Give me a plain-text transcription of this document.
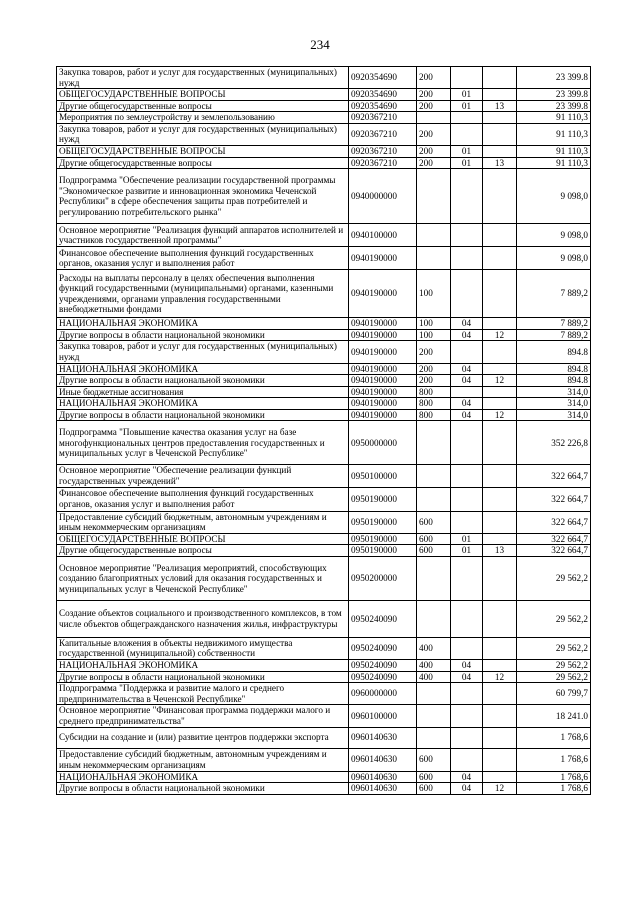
234
Закупка товаров, работ и услуг для государственных (муниципальных) нужд	0920354690	200			23 399.8
ОБЩЕГОСУДАРСТВЕННЫЕ ВОПРОСЫ	0920354690	200	01		23 399.8
Другие общегосударственные вопросы	0920354690	200	01	13	23 399.8
Мероприятия по землеустройству и землепользованию	0920367210				91 110,3
Закупка товаров, работ и услуг для государственных (муниципальных) нужд	0920367210	200			91 110,3
ОБЩЕГОСУДАРСТВЕННЫЕ ВОПРОСЫ	0920367210	200	01		91 110,3
Другие общегосударственные вопросы	0920367210	200	01	13	91 110,3
Подпрограмма "Обеспечение реализации государственной программы "Экономическое развитие и инновационная экономика Чеченской Республики" в сфере обеспечения защиты прав потребителей и регулированию потребительского рынка"	0940000000				9 098,0
Основное мероприятие "Реализация функций аппаратов исполнителей и участников государственной программы"	0940100000				9 098,0
Финансовое обеспечение выполнения функций государственных органов, оказания услуг и выполнения работ	0940190000				9 098,0
Расходы на выплаты персоналу в целях обеспечения выполнения функций государственными (муниципальными) органами, казенными учреждениями, органами управления государственными внебюджетными фондами	0940190000	100			7 889,2
НАЦИОНАЛЬНАЯ ЭКОНОМИКА	0940190000	100	04		7 889,2
Другие вопросы в области национальной экономики	0940190000	100	04	12	7 889,2
Закупка товаров, работ и услуг для государственных (муниципальных) нужд	0940190000	200			894.8
НАЦИОНАЛЬНАЯ ЭКОНОМИКА	0940190000	200	04		894.8
Другие вопросы в области национальной экономики	0940190000	200	04	12	894.8
Иные бюджетные ассигнования	0940190000	800			314,0
НАЦИОНАЛЬНАЯ ЭКОНОМИКА	0940190000	800	04		314,0
Другие вопросы в области национальной экономики	0940190000	800	04	12	314,0
Подпрограмма "Повышение качества оказания услуг на базе многофункциональных центров предоставления государственных и муниципальных услуг в Чеченской Республике"	0950000000				352 226,8
Основное мероприятие "Обеспечение реализации функций государственных учреждений"	0950100000				322 664,7
Финансовое обеспечение выполнения функций государственных органов, оказания услуг и выполнения работ	0950190000				322 664,7
Предоставление субсидий бюджетным, автономным учреждениям и иным некоммерческим организациям	0950190000	600			322 664,7
ОБЩЕГОСУДАРСТВЕННЫЕ ВОПРОСЫ	0950190000	600	01		322 664,7
Другие общегосударственные вопросы	0950190000	600	01	13	322 664,7
Основное мероприятие "Реализация мероприятий, способствующих созданию благоприятных условий для оказания государственных и муниципальных услуг в Чеченской Республике"	0950200000				29 562,2
Создание объектов социального и производственного комплексов, в том числе объектов общегражданского назначения жилья, инфраструктуры	0950240090				29 562,2
Капитальные вложения в объекты недвижимого имущества государственной (муниципальной) собственности	0950240090	400			29 562,2
НАЦИОНАЛЬНАЯ ЭКОНОМИКА	0950240090	400	04		29 562,2
Другие вопросы в области национальной экономики	0950240090	400	04	12	29 562,2
Подпрограмма "Поддержка и развитие малого и среднего предпринимательства в Чеченской Республике"	0960000000				60 799,7
Основное мероприятие "Финансовая программа поддержки малого и среднего предпринимательства"	0960100000				18 241.0
Субсидии на создание и (или) развитие центров поддержки экспорта	0960140630				1 768,6
Предоставление субсидий бюджетным, автономным учреждениям и иным некоммерческим организациям	0960140630	600			1 768,6
НАЦИОНАЛЬНАЯ ЭКОНОМИКА	0960140630	600	04		1 768,6
Другие вопросы в области национальной экономики	0960140630	600	04	12	1 768,6
